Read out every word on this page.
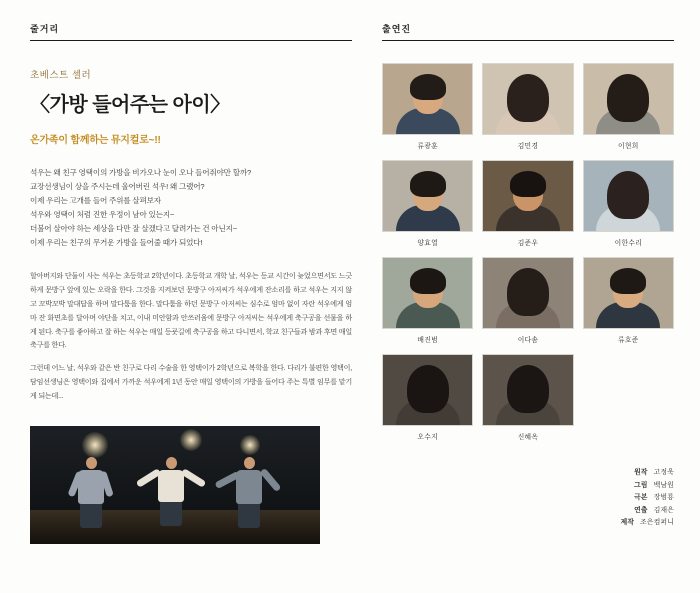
줄거리
초베스트 셀러
〈가방 들어주는 아이〉
온가족이 함께하는 뮤지컬로~!!
석우는 왜 친구 영택이의 가방을 비가오나 눈이 오나 들어줘야만 할까?
교장선생님이 상을 주시는데 울어버린 석우! 왜 그랬어?
이제 우리는 고개를 들어 주위를 살펴보자
석우와 영택이 처럼 진한 우정이 남아 있는지~
더불어 살아야 하는 세상을 다만 잘 살겠다고 달려가는 건 아닌지~
이제 우리는 친구의 무거운 가방을 들어줄 때가 되었다!

할아버지와 단둘이 사는 석우는 초등학교 2학년이다. 초등학교 개학 날, 석우는 등교 시간이 늦었으면서도 느긋하게 문방구 앞에 있는 오락을 한다. 그것을 지켜보던 문방구 아저씨가 석우에게 잔소리를 하고 석우는 지지 않고 꼬박꼬박 말대답을 하며 말다툼을 한다. 말다툼을 하던 문방구 아저씨는 심수로 엄마 없이 자란 석우에게 엄마 잔 화면초를 달아며 야단을 치고, 이내 미안함과 안쓰러움에 문방구 아저씨는 석우에게 축구공을 선물을 하게 된다. 축구를 좋아하고 잘 하는 석우는 매일 등굣길에 축구공을 하고 다니면서, 학교 친구들과 밤과 후면 매일 축구를 한다.

그런데 어느 날, 석우와 같은 반 친구로 다리 수술을 한 영택이가 2학년으로 복학을 한다. 다리가 불편한 영택이, 담임선생님은 영택이와 집에서 가까운 석우에게 1년 동안 매일 영택이의 가방을 들어다 주는 특별 임무를 맡기게 되는데...

출연진
류광훈	김민경	이현희
양효열	김준우	이한수리
배진범	이다솜	류호준
오수지	신혜옥
원작 고정욱
그림 백남원
극본 장범룡
연출 김재은
제작 조은컴퍼니
